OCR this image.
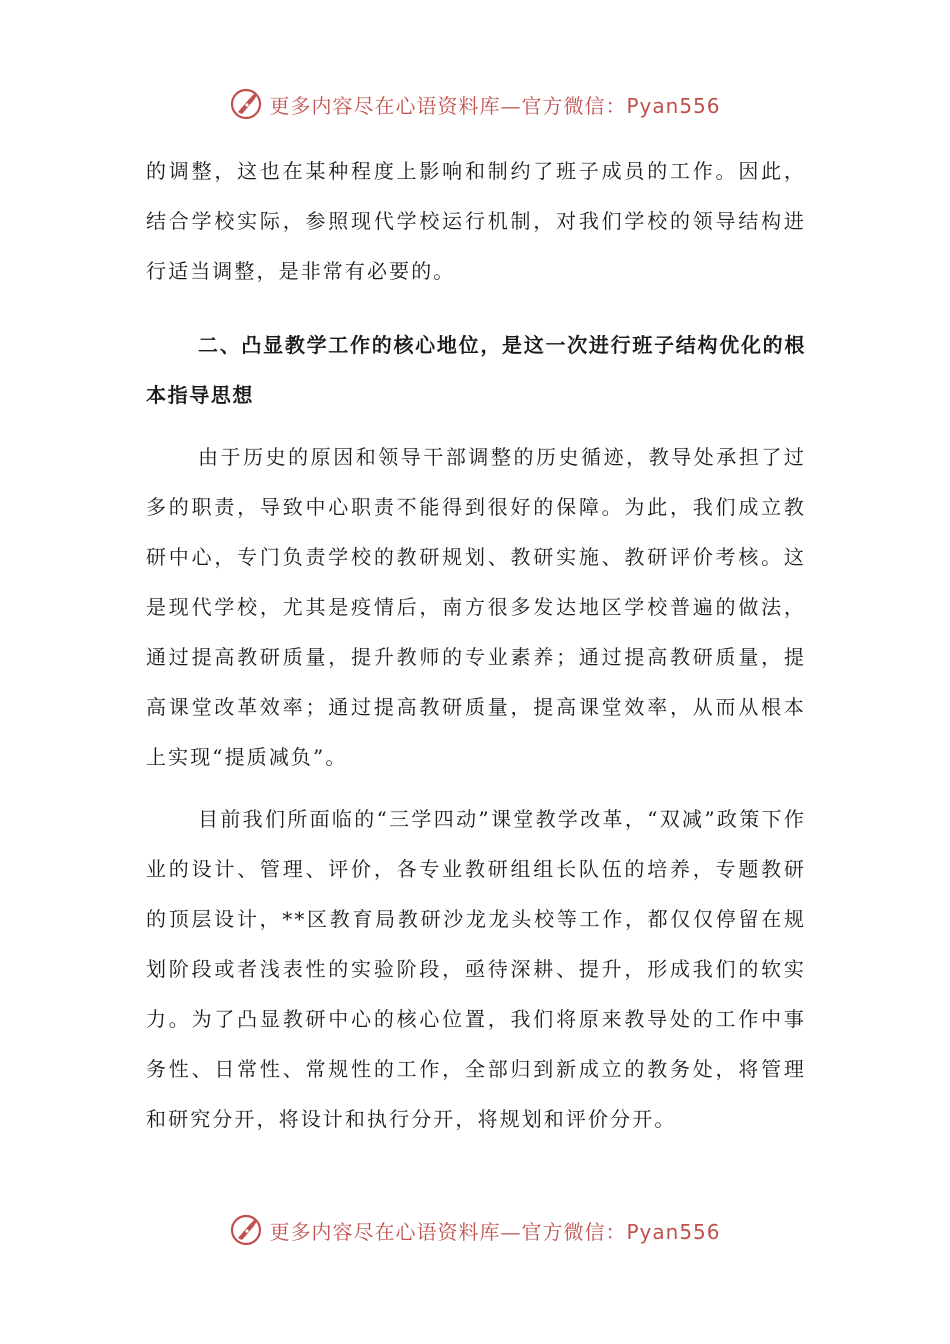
更多内容尽在心语资料库—官方微信：Pyan556

的调整，这也在某种程度上影响和制约了班子成员的工作。因此，结合学校实际，参照现代学校运行机制，对我们学校的领导结构进行适当调整，是非常有必要的。

二、凸显教学工作的核心地位，是这一次进行班子结构优化的根本指导思想

由于历史的原因和领导干部调整的历史循迹，教导处承担了过多的职责，导致中心职责不能得到很好的保障。为此，我们成立教研中心，专门负责学校的教研规划、教研实施、教研评价考核。这是现代学校，尤其是疫情后，南方很多发达地区学校普遍的做法，通过提高教研质量，提升教师的专业素养；通过提高教研质量，提高课堂改革效率；通过提高教研质量，提高课堂效率，从而从根本上实现“提质减负”。

目前我们所面临的“三学四动”课堂教学改革，“双减”政策下作业的设计、管理、评价，各专业教研组组长队伍的培养，专题教研的顶层设计，**区教育局教研沙龙龙头校等工作，都仅仅停留在规划阶段或者浅表性的实验阶段，亟待深耕、提升，形成我们的软实力。为了凸显教研中心的核心位置，我们将原来教导处的工作中事务性、日常性、常规性的工作，全部归到新成立的教务处，将管理和研究分开，将设计和执行分开，将规划和评价分开。

更多内容尽在心语资料库—官方微信：Pyan556
